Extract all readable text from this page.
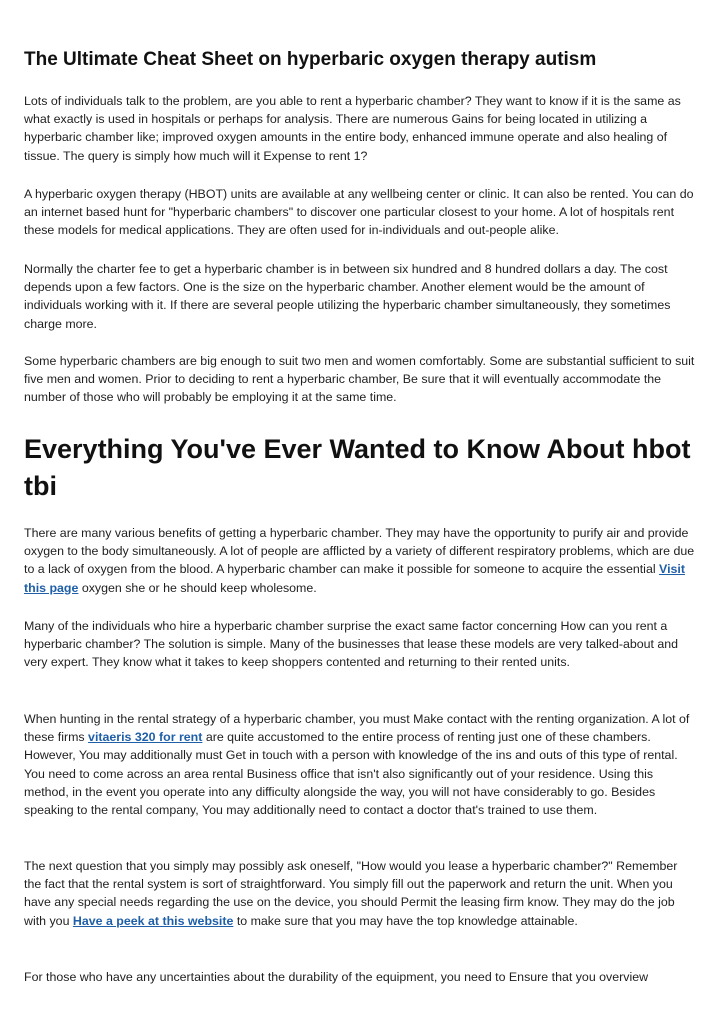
The Ultimate Cheat Sheet on hyperbaric oxygen therapy autism

Lots of individuals talk to the problem, are you able to rent a hyperbaric chamber? They want to know if it is the same as what exactly is used in hospitals or perhaps for analysis. There are numerous Gains for being located in utilizing a hyperbaric chamber like; improved oxygen amounts in the entire body, enhanced immune operate and also healing of tissue. The query is simply how much will it Expense to rent 1?

A hyperbaric oxygen therapy (HBOT) units are available at any wellbeing center or clinic. It can also be rented. You can do an internet based hunt for "hyperbaric chambers" to discover one particular closest to your home. A lot of hospitals rent these models for medical applications. They are often used for in-individuals and out-people alike.

Normally the charter fee to get a hyperbaric chamber is in between six hundred and 8 hundred dollars a day. The cost depends upon a few factors. One is the size on the hyperbaric chamber. Another element would be the amount of individuals working with it. If there are several people utilizing the hyperbaric chamber simultaneously, they sometimes charge more.

Some hyperbaric chambers are big enough to suit two men and women comfortably. Some are substantial sufficient to suit five men and women. Prior to deciding to rent a hyperbaric chamber, Be sure that it will eventually accommodate the number of those who will probably be employing it at the same time.

Everything You've Ever Wanted to Know About hbot tbi

There are many various benefits of getting a hyperbaric chamber. They may have the opportunity to purify air and provide oxygen to the body simultaneously. A lot of people are afflicted by a variety of different respiratory problems, which are due to a lack of oxygen from the blood. A hyperbaric chamber can make it possible for someone to acquire the essential Visit this page oxygen she or he should keep wholesome.

Many of the individuals who hire a hyperbaric chamber surprise the exact same factor concerning How can you rent a hyperbaric chamber? The solution is simple. Many of the businesses that lease these models are very talked-about and very expert. They know what it takes to keep shoppers contented and returning to their rented units.

When hunting in the rental strategy of a hyperbaric chamber, you must Make contact with the renting organization. A lot of these firms vitaeris 320 for rent are quite accustomed to the entire process of renting just one of these chambers. However, You may additionally must Get in touch with a person with knowledge of the ins and outs of this type of rental. You need to come across an area rental Business office that isn't also significantly out of your residence. Using this method, in the event you operate into any difficulty alongside the way, you will not have considerably to go. Besides speaking to the rental company, You may additionally need to contact a doctor that's trained to use them.

The next question that you simply may possibly ask oneself, "How would you lease a hyperbaric chamber?" Remember the fact that the rental system is sort of straightforward. You simply fill out the paperwork and return the unit. When you have any special needs regarding the use on the device, you should Permit the leasing firm know. They may do the job with you Have a peek at this website to make sure that you may have the top knowledge attainable.

For those who have any uncertainties about the durability of the equipment, you need to Ensure that you overview
